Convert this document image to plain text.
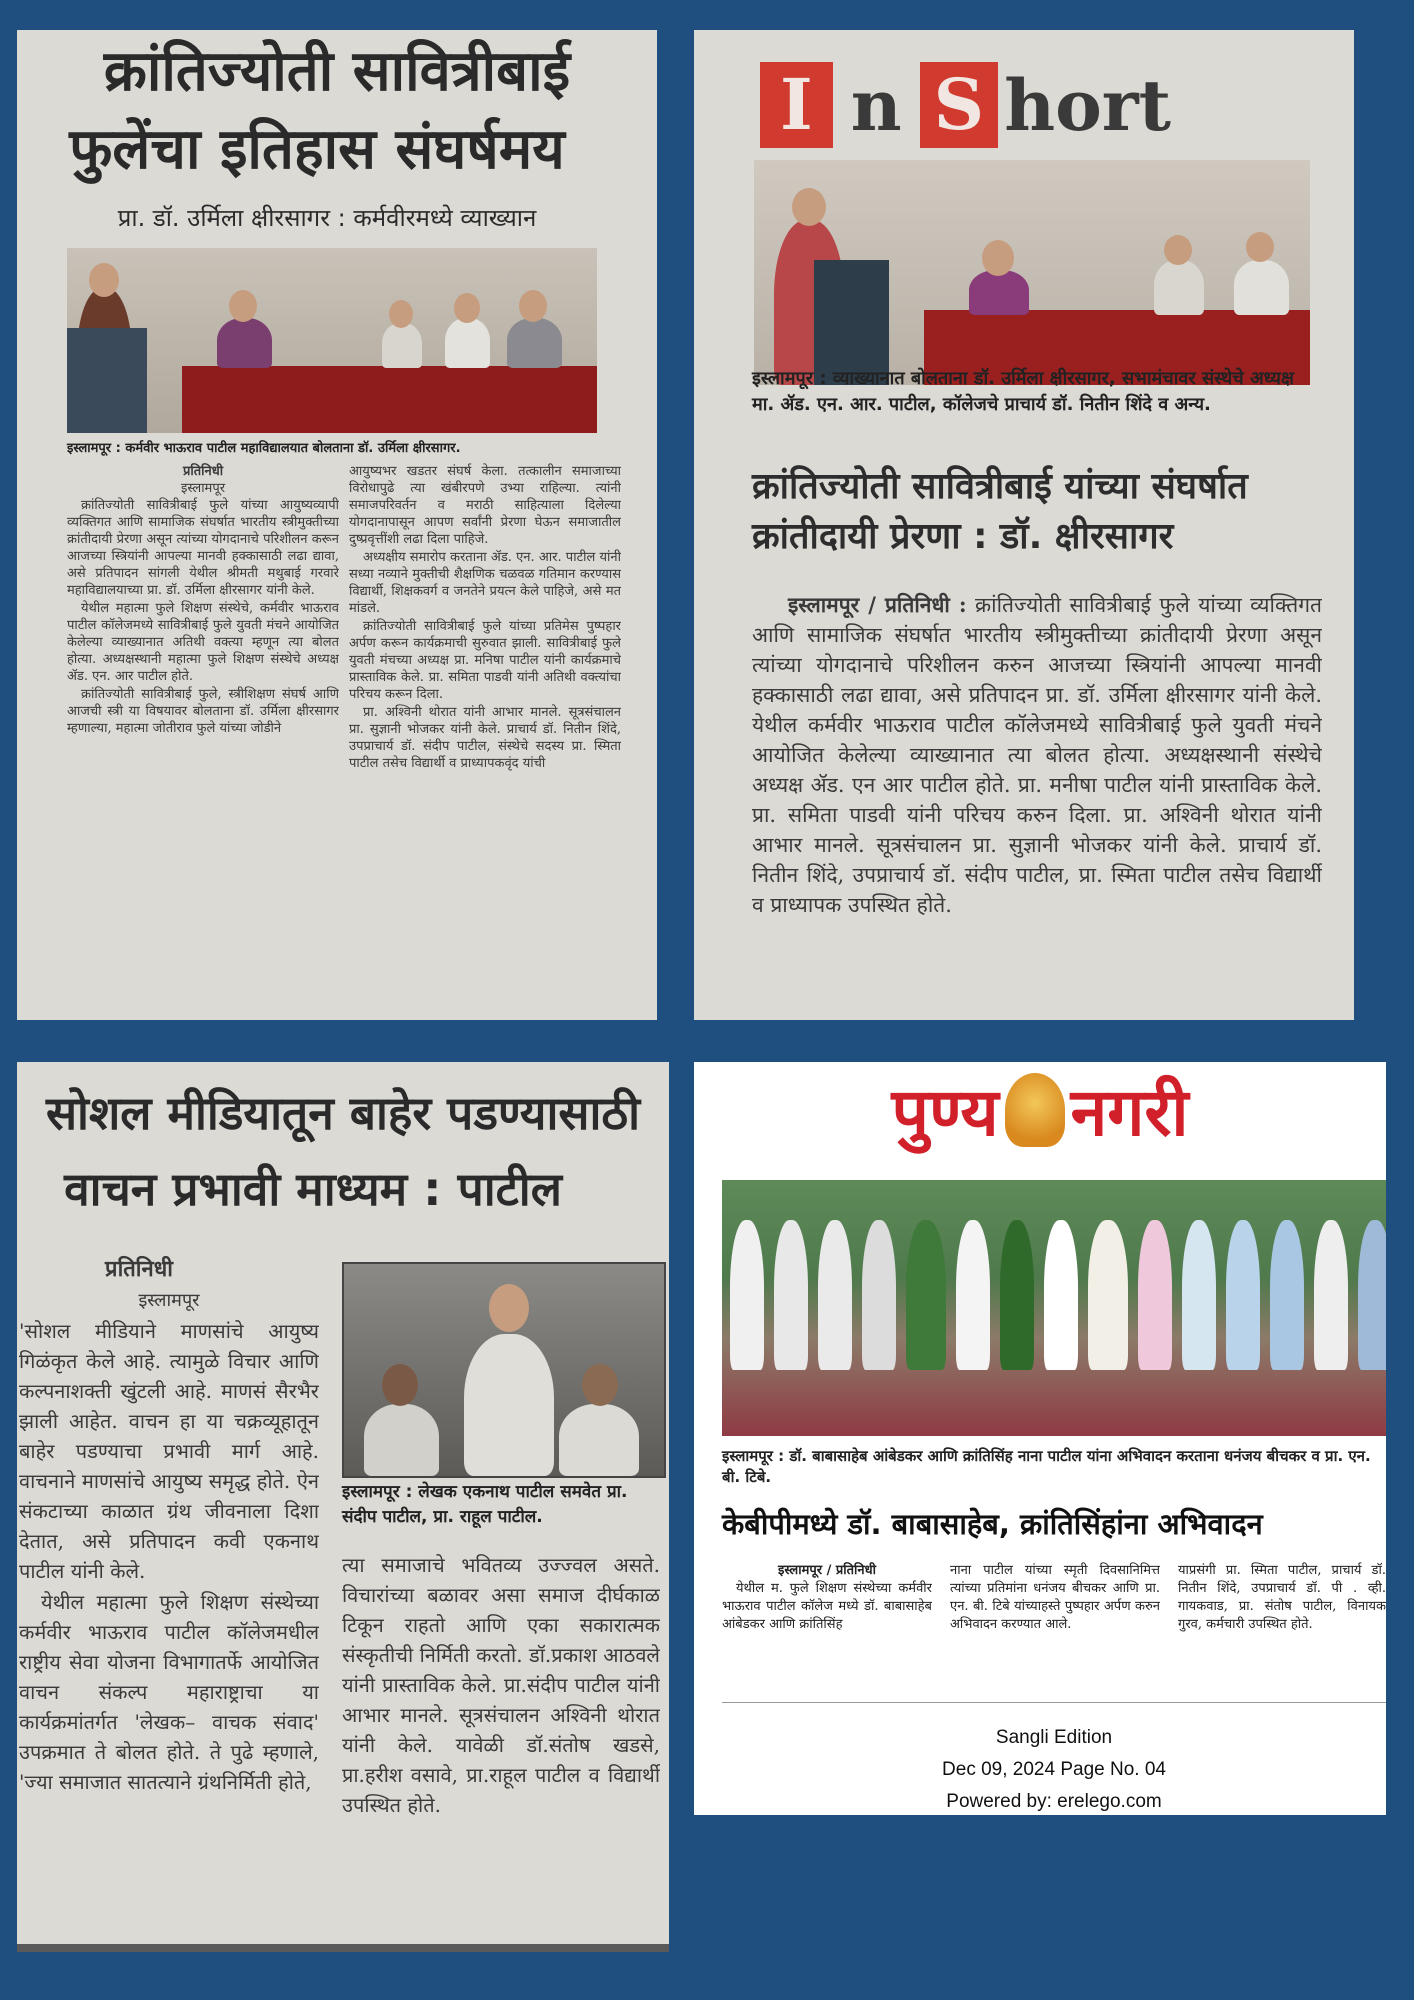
क्रांतिज्योती सावित्रीबाई
फुलेंचा इतिहास संघर्षमय
प्रा. डॉ. उर्मिला क्षीरसागर : कर्मवीरमध्ये व्याख्यान
इस्लामपूर : कर्मवीर भाऊराव पाटील महाविद्यालयात बोलताना डॉ. उर्मिला क्षीरसागर.
प्रतिनिधी
इस्लामपूर

क्रांतिज्योती सावित्रीबाई फुले यांच्या आयुष्यव्यापी व्यक्तिगत आणि सामाजिक संघर्षात भारतीय स्त्रीमुक्तीच्या क्रांतीदायी प्रेरणा असून त्यांच्या योगदानाचे परिशीलन करून आजच्या स्त्रियांनी आपल्या मानवी हक्कासाठी लढा द्यावा, असे प्रतिपादन सांगली येथील श्रीमती मथुबाई गरवारे महाविद्यालयाच्या प्रा. डॉ. उर्मिला क्षीरसागर यांनी केले.

येथील महात्मा फुले शिक्षण संस्थेचे, कर्मवीर भाऊराव पाटील कॉलेजमध्ये सावित्रीबाई फुले युवती मंचने आयोजित केलेल्या व्याख्यानात अतिथी वक्त्या म्हणून त्या बोलत होत्या. अध्यक्षस्थानी महात्मा फुले शिक्षण संस्थेचे अध्यक्ष ॲड. एन. आर पाटील होते.

क्रांतिज्योती सावित्रीबाई फुले, स्त्रीशिक्षण संघर्ष आणि आजची स्त्री या विषयावर बोलताना डॉ. उर्मिला क्षीरसागर म्हणाल्या, महात्मा जोतीराव फुले यांच्या जोडीने

आयुष्यभर खडतर संघर्ष केला. तत्कालीन समाजाच्या विरोधापुढे त्या खंबीरपणे उभ्या राहिल्या. त्यांनी समाजपरिवर्तन व मराठी साहित्याला दिलेल्या योगदानापासून आपण सर्वांनी प्रेरणा घेऊन समाजातील दुष्प्रवृत्तींशी लढा दिला पाहिजे.

अध्यक्षीय समारोप करताना ॲड. एन. आर. पाटील यांनी सध्या नव्याने मुक्तीची शैक्षणिक चळवळ गतिमान करण्यास विद्यार्थी, शिक्षकवर्ग व जनतेने प्रयत्न केले पाहिजे, असे मत मांडले.

क्रांतिज्योती सावित्रीबाई फुले यांच्या प्रतिमेस पुष्पहार अर्पण करून कार्यक्रमाची सुरुवात झाली. सावित्रीबाई फुले युवती मंचच्या अध्यक्ष प्रा. मनिषा पाटील यांनी कार्यक्रमाचे प्रास्ताविक केले. प्रा. समिता पाडवी यांनी अतिथी वक्त्यांचा परिचय करून दिला.

प्रा. अश्विनी थोरात यांनी आभार मानले. सूत्रसंचालन प्रा. सुज्ञानी भोजकर यांनी केले. प्राचार्य डॉ. नितीन शिंदे, उपप्राचार्य डॉ. संदीप पाटील, संस्थेचे सदस्य प्रा. स्मिता पाटील तसेच विद्यार्थी व प्राध्यापकवृंद यांची

I n S hort
इस्लामपूर : व्याख्यानात बोलताना डॉ. उर्मिला क्षीरसागर, सभामंचावर संस्थेचे अध्यक्ष मा. ॲड. एन. आर. पाटील, कॉलेजचे प्राचार्य डॉ. नितीन शिंदे व अन्य.
क्रांतिज्योती सावित्रीबाई यांच्या संघर्षात क्रांतीदायी प्रेरणा : डॉ. क्षीरसागर

इस्लामपूर / प्रतिनिधी : क्रांतिज्योती सावित्रीबाई फुले यांच्या व्यक्तिगत आणि सामाजिक संघर्षात भारतीय स्त्रीमुक्तीच्या क्रांतीदायी प्रेरणा असून त्यांच्या योगदानाचे परिशीलन करुन आजच्या स्त्रियांनी आपल्या मानवी हक्कासाठी लढा द्यावा, असे प्रतिपादन प्रा. डॉ. उर्मिला क्षीरसागर यांनी केले. येथील कर्मवीर भाऊराव पाटील कॉलेजमध्ये सावित्रीबाई फुले युवती मंचने आयोजित केलेल्या व्याख्यानात त्या बोलत होत्या. अध्यक्षस्थानी संस्थेचे अध्यक्ष ॲड. एन आर पाटील होते. प्रा. मनीषा पाटील यांनी प्रास्ताविक केले. प्रा. समिता पाडवी यांनी परिचय करुन दिला. प्रा. अश्विनी थोरात यांनी आभार मानले. सूत्रसंचालन प्रा. सुज्ञानी भोजकर यांनी केले. प्राचार्य डॉ. नितीन शिंदे, उपप्राचार्य डॉ. संदीप पाटील, प्रा. स्मिता पाटील तसेच विद्यार्थी व प्राध्यापक उपस्थित होते.

सोशल मीडियातून बाहेर पडण्यासाठी
वाचन प्रभावी माध्यम : पाटील
इस्लामपूर : लेखक एकनाथ पाटील समवेत प्रा. संदीप पाटील, प्रा. राहूल पाटील.
प्रतिनिधी
इस्लामपूर

'सोशल मीडियाने माणसांचे आयुष्य गिळंकृत केले आहे. त्यामुळे विचार आणि कल्पनाशक्ती खुंटली आहे. माणसं सैरभैर झाली आहेत. वाचन हा या चक्रव्यूहातून बाहेर पडण्याचा प्रभावी मार्ग आहे. वाचनाने माणसांचे आयुष्य समृद्ध होते. ऐन संकटाच्या काळात ग्रंथ जीवनाला दिशा देतात, असे प्रतिपादन कवी एकनाथ पाटील यांनी केले.

येथील महात्मा फुले शिक्षण संस्थेच्या कर्मवीर भाऊराव पाटील कॉलेजमधील राष्ट्रीय सेवा योजना विभागातर्फे आयोजित वाचन संकल्प महाराष्ट्राचा या कार्यक्रमांतर्गत 'लेखक– वाचक संवाद' उपक्रमात ते बोलत होते. ते पुढे म्हणाले, 'ज्या समाजात सातत्याने ग्रंथनिर्मिती होते,

त्या समाजाचे भवितव्य उज्ज्वल असते. विचारांच्या बळावर असा समाज दीर्घकाळ टिकून राहतो आणि एका सकारात्मक संस्कृतीची निर्मिती करतो. डॉ.प्रकाश आठवले यांनी प्रास्ताविक केले. प्रा.संदीप पाटील यांनी आभार मानले. सूत्रसंचालन अश्विनी थोरात यांनी केले. यावेळी डॉ.संतोष खडसे, प्रा.हरीश वसावे, प्रा.राहूल पाटील व विद्यार्थी उपस्थित होते.

पुण्य नगरी
इस्लामपूर : डॉ. बाबासाहेब आंबेडकर आणि क्रांतिसिंह नाना पाटील यांना अभिवादन करताना धनंजय बीचकर व प्रा. एन. बी. टिबे.
केबीपीमध्ये डॉ. बाबासाहेब, क्रांतिसिंहांना अभिवादन
इस्लामपूर / प्रतिनिधी

येथील म. फुले शिक्षण संस्थेच्या कर्मवीर भाऊराव पाटील कॉलेज मध्ये डॉ. बाबासाहेब आंबेडकर आणि क्रांतिसिंह

नाना पाटील यांच्या स्मृती दिवसानिमित्त त्यांच्या प्रतिमांना धनंजय बीचकर आणि प्रा. एन. बी. टिबे यांच्याहस्ते पुष्पहार अर्पण करुन अभिवादन करण्यात आले.

याप्रसंगी प्रा. स्मिता पाटील, प्राचार्य डॉ. नितीन शिंदे, उपप्राचार्य डॉ. पी . व्ही. गायकवाड, प्रा. संतोष पाटील, विनायक गुरव, कर्मचारी उपस्थित होते.

Sangli Edition
Dec 09, 2024 Page No. 04
Powered by: erelego.com
